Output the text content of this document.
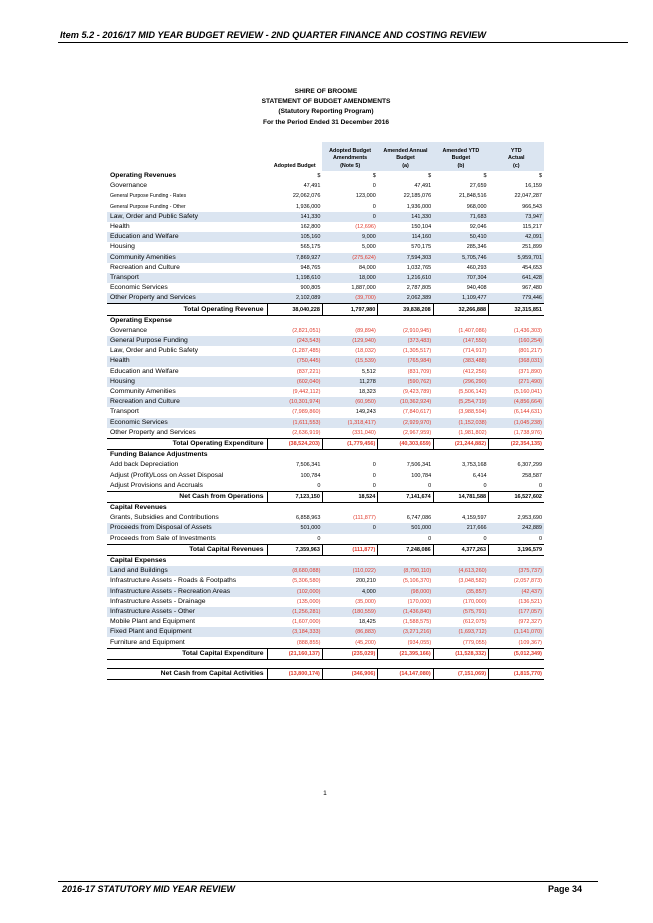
Item 5.2 - 2016/17 MID YEAR BUDGET REVIEW - 2ND QUARTER FINANCE AND COSTING REVIEW
SHIRE OF BROOME
STATEMENT OF BUDGET AMENDMENTS
(Statutory Reporting Program)
For the Period Ended 31 December 2016
	Adopted Budget	Adopted Budget
Amendments
(Note 5)	Amended Annual
Budget
(a)	Amended YTD
Budget
(b)	YTD
Actual
(c)
Operating Revenues	$	$	$	$	$
Governance	47,491	0	47,491	27,659	16,159
General Purpose Funding - Rates	22,062,076	123,000	22,185,076	21,848,516	22,047,287
General Purpose Funding - Other	1,936,000	0	1,936,000	968,000	966,543
Law, Order and Public Safety	141,330	0	141,330	71,683	73,947
Health	162,800	(12,696)	150,104	92,046	115,217
Education and Welfare	105,160	9,000	114,160	50,410	42,091
Housing	565,175	5,000	570,175	285,346	251,899
Community Amenities	7,869,927	(275,624)	7,594,303	5,705,746	5,959,701
Recreation and Culture	948,765	84,000	1,032,765	460,293	454,653
Transport	1,198,610	18,000	1,216,610	707,304	641,428
Economic Services	900,805	1,887,000	2,787,805	940,408	967,480
Other Property and Services	2,102,089	(39,700)	2,062,389	1,109,477	779,446
Total Operating Revenue	38,040,228	1,797,980	39,838,208	32,266,888	32,315,851
Operating Expense					
Governance	(2,821,051)	(89,894)	(2,910,945)	(1,407,086)	(1,436,303)
General Purpose Funding	(243,543)	(129,940)	(373,483)	(147,550)	(160,254)
Law, Order and Public Safety	(1,287,485)	(18,032)	(1,305,517)	(714,917)	(801,217)
Health	(750,445)	(15,539)	(765,984)	(383,488)	(368,031)
Education and Welfare	(837,221)	5,512	(831,709)	(412,256)	(371,890)
Housing	(602,040)	11,278	(590,762)	(296,290)	(271,490)
Community Amenities	(9,442,112)	18,323	(9,423,789)	(5,506,142)	(5,160,041)
Recreation and Culture	(10,301,974)	(60,950)	(10,362,924)	(5,254,719)	(4,856,664)
Transport	(7,989,860)	149,243	(7,840,617)	(3,988,594)	(6,144,631)
Economic Services	(1,611,553)	(1,318,417)	(2,929,970)	(1,152,038)	(1,045,238)
Other Property and Services	(2,636,919)	(331,040)	(2,967,959)	(1,981,802)	(1,738,976)
Total Operating Expenditure	(38,524,203)	(1,779,456)	(40,303,659)	(21,244,882)	(22,354,135)
Funding Balance Adjustments					
Add back Depreciation	7,506,341	0	7,506,341	3,753,168	6,307,299
Adjust (Profit)/Loss on Asset Disposal	100,784	0	100,784	6,414	258,587
Adjust Provisions and Accruals	0	0	0	0	0
Net Cash from Operations	7,123,150	18,524	7,141,674	14,781,588	16,527,602
Capital Revenues					
Grants, Subsidies and Contributions	6,858,963	(111,877)	6,747,086	4,159,597	2,953,690
Proceeds from Disposal of Assets	501,000	0	501,000	217,666	242,889
Proceeds from Sale of Investments	0		0	0	0
Total Capital Revenues	7,359,963	(111,877)	7,248,086	4,377,263	3,196,579
Capital Expenses					
Land and Buildings	(8,680,088)	(110,022)	(8,790,110)	(4,613,260)	(375,737)
Infrastructure Assets - Roads & Footpaths	(5,306,580)	200,210	(5,106,370)	(3,048,582)	(2,057,873)
Infrastructure Assets - Recreation Areas	(102,000)	4,000	(98,000)	(35,857)	(42,437)
Infrastructure Assets - Drainage	(135,000)	(35,000)	(170,000)	(170,000)	(136,521)
Infrastructure Assets - Other	(1,256,281)	(180,559)	(1,436,840)	(575,791)	(177,057)
Mobile Plant and Equipment	(1,607,000)	18,425	(1,588,575)	(612,075)	(972,327)
Fixed Plant and Equipment	(3,184,333)	(86,883)	(3,271,216)	(1,693,712)	(1,141,070)
Furniture and Equipment	(888,855)	(45,200)	(934,055)	(779,055)	(109,367)
Total Capital Expenditure	(21,160,137)	(235,029)	(21,395,166)	(11,528,332)	(5,012,349)

Net Cash from Capital Activities	(13,800,174)	(346,906)	(14,147,080)	(7,151,069)	(1,815,770)
1
2016-17 STATUTORY MID YEAR REVIEW	Page 34
